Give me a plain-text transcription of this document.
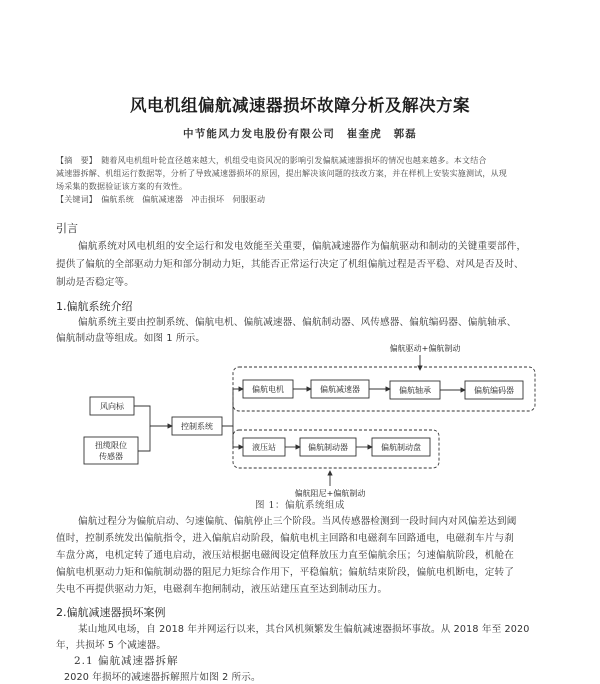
风电机组偏航减速器损坏故障分析及解决方案
中节能风力发电股份有限公司　崔奎虎　郭磊
【摘　要】　随着风电机组叶轮直径越来越大，机组受电资风况的影响引发偏航减速器损坏的情况也越来越多。本文结合
减速器拆解、机组运行数据等，分析了导致减速器损坏的原因，提出解决该问题的技改方案，并在样机上安装实施测试，从现
场采集的数据验证该方案的有效性。
【关键词】　偏航系统　偏航减速器　冲击损坏　伺服驱动
引言
偏航系统对风电机组的安全运行和发电效能至关重要，偏航减速器作为偏航驱动和制动的关键重要部件，
提供了偏航的全部驱动力矩和部分制动力矩，其能否正常运行决定了机组偏航过程是否平稳、对风是否及时、
制动是否稳定等。
1.偏航系统介绍
偏航系统主要由控制系统、偏航电机、偏航减速器、偏航制动器、风传感器、偏航编码器、偏航轴承、
偏航制动盘等组成。如图 1 所示。
偏航驱动+偏航制动
偏航阻尼+偏航制动
风向标
扭缆限位
传感器
控制系统
偏航电机	偏航减速器	偏航轴承	偏航编码器
液压站	偏航制动器	偏航制动盘
图 1：偏航系统组成
偏航过程分为偏航启动、匀速偏航、偏航停止三个阶段。当风传感器检测到一段时间内对风偏差达到阈
值时，控制系统发出偏航指令，进入偏航启动阶段，偏航电机主回路和电磁刹车回路通电，电磁刹车片与刹
车盘分离，电机定转了通电启动，液压站根据电磁阀设定值释放压力直至偏航余压；匀速偏航阶段，机舱在
偏航电机驱动力矩和偏航制动器的阻尼力矩综合作用下，平稳偏航；偏航结束阶段，偏航电机断电，定转了
失电不再提供驱动力矩，电磁刹车抱闸制动，液压站建压直至达到制动压力。
2.偏航减速器损坏案例
某山地风电场，自 2018 年并网运行以来，其台风机频繁发生偏航减速器损坏事故。从 2018 年至 2020
年，共损坏 5 个减速器。
2.1 偏航减速器拆解
2020 年损坏的减速器拆解照片如图 2 所示。
